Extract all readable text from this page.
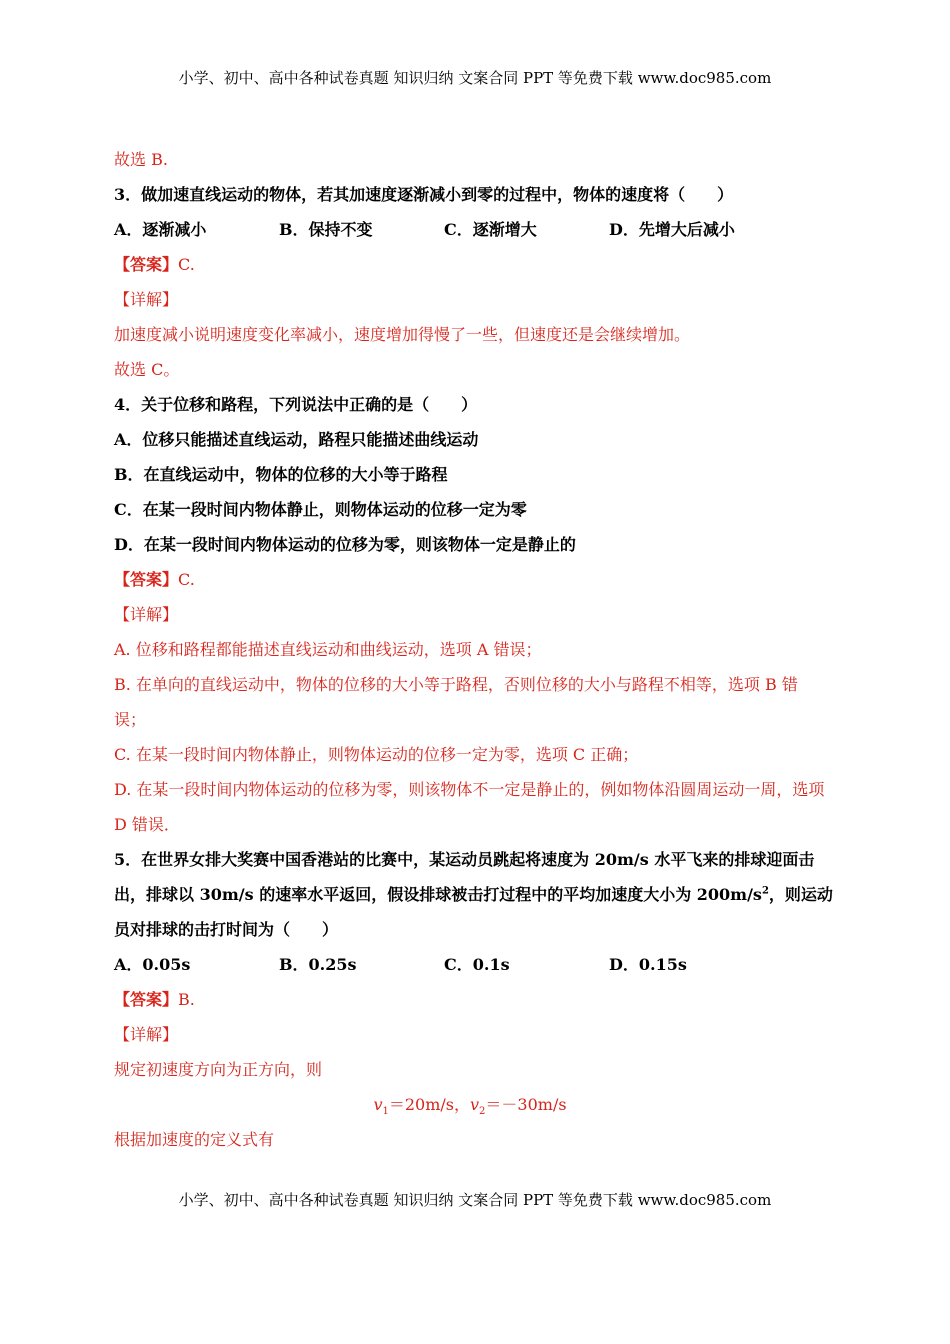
小学、初中、高中各种试卷真题 知识归纳 文案合同 PPT 等免费下载 www.doc985.com
故选 B.
3．做加速直线运动的物体，若其加速度逐渐减小到零的过程中，物体的速度将（　　）
A．逐渐减小	B．保持不变	C．逐渐增大	D．先增大后减小
【答案】C.
【详解】
加速度减小说明速度变化率减小，速度增加得慢了一些，但速度还是会继续增加。
故选 C。
4．关于位移和路程，下列说法中正确的是（　　）
A．位移只能描述直线运动，路程只能描述曲线运动
B．在直线运动中，物体的位移的大小等于路程
C．在某一段时间内物体静止，则物体运动的位移一定为零
D．在某一段时间内物体运动的位移为零，则该物体一定是静止的
【答案】C.
【详解】
A. 位移和路程都能描述直线运动和曲线运动，选项 A 错误；
B. 在单向的直线运动中，物体的位移的大小等于路程，否则位移的大小与路程不相等，选项 B 错误；
C. 在某一段时间内物体静止，则物体运动的位移一定为零，选项 C 正确；
D. 在某一段时间内物体运动的位移为零，则该物体不一定是静止的，例如物体沿圆周运动一周，选项 D 错误．
5．在世界女排大奖赛中国香港站的比赛中，某运动员跳起将速度为 20m/s 水平飞来的排球迎面击
出，排球以 30m/s 的速率水平返回，假设排球被击打过程中的平均加速度大小为 $200m/s^2$，则运动
员对排球的击打时间为（　　）
A．0.05s	B．0.25s	C．0.1s	D．0.15s
【答案】B.
【详解】
规定初速度方向为正方向，则
$v_1=20m/s$，$v_2=-30m/s$
根据加速度的定义式有
小学、初中、高中各种试卷真题 知识归纳 文案合同 PPT 等免费下载 www.doc985.com
